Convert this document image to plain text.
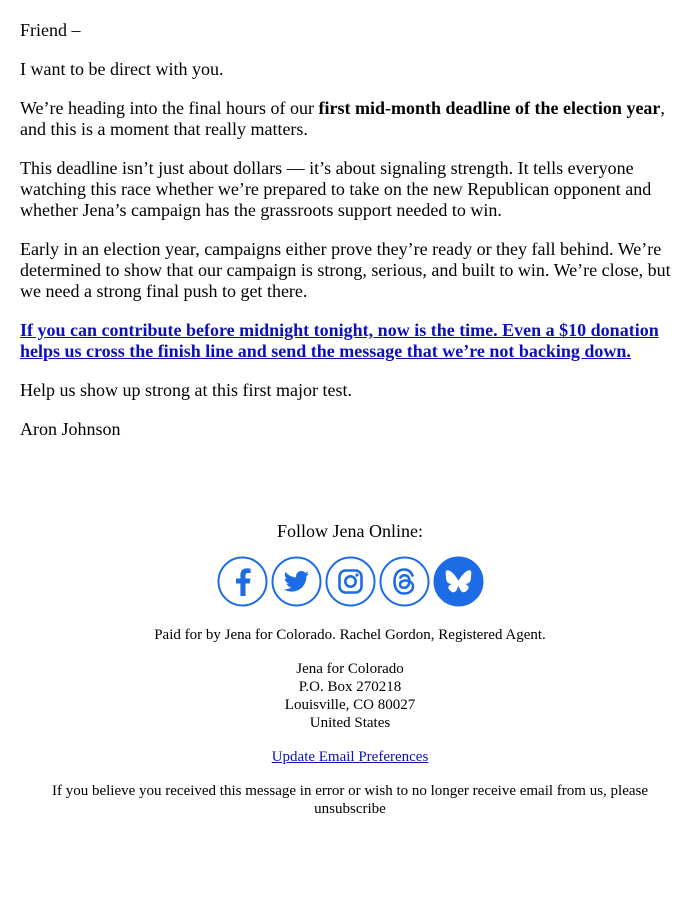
Friend –

I want to be direct with you.

We’re heading into the final hours of our first mid-month deadline of the election year, and this is a moment that really matters.

This deadline isn’t just about dollars — it’s about signaling strength. It tells everyone watching this race whether we’re prepared to take on the new Republican opponent and whether Jena’s campaign has the grassroots support needed to win.

Early in an election year, campaigns either prove they’re ready or they fall behind. We’re determined to show that our campaign is strong, serious, and built to win. We’re close, but we need a strong final push to get there.

If you can contribute before midnight tonight, now is the time. Even a $10 donation helps us cross the finish line and send the message that we’re not backing down.

Help us show up strong at this first major test.

Aron Johnson

Follow Jena Online:

Paid for by Jena for Colorado. Rachel Gordon, Registered Agent.
Jena for Colorado
P.O. Box 270218
Louisville, CO 80027
United States
Update Email Preferences
If you believe you received this message in error or wish to no longer receive email from us, please unsubscribe
